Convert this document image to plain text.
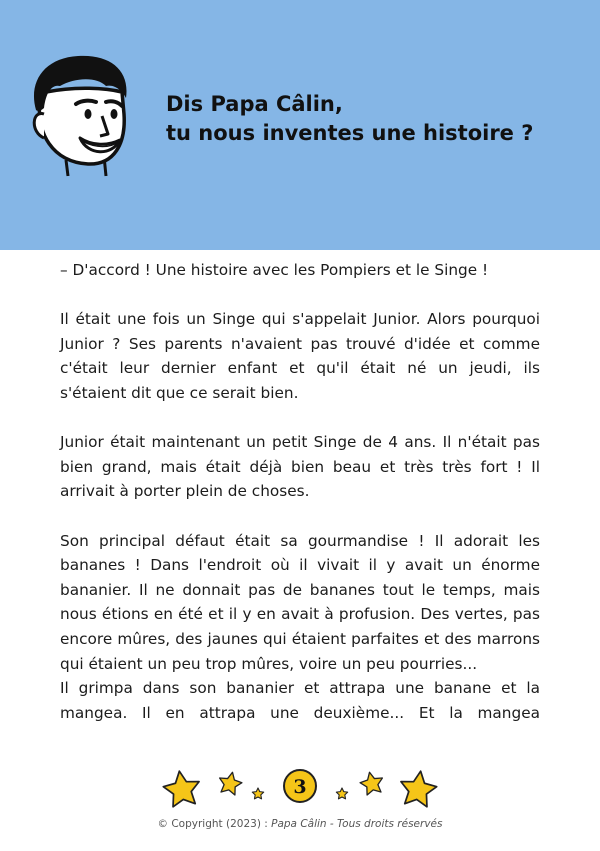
Dis Papa Câlin,
tu nous inventes une histoire ?

– D'accord ! Une histoire avec les Pompiers et le Singe !

Il était une fois un Singe qui s'appelait Junior. Alors pourquoi Junior ? Ses parents n'avaient pas trouvé d'idée et comme c'était leur dernier enfant et qu'il était né un jeudi, ils s'étaient dit que ce serait bien.

Junior était maintenant un petit Singe de 4 ans. Il n'était pas bien grand, mais était déjà bien beau et très très fort ! Il arrivait à porter plein de choses.

Son principal défaut était sa gourmandise ! Il adorait les bananes ! Dans l'endroit où il vivait il y avait un énorme bananier. Il ne donnait pas de bananes tout le temps, mais nous étions en été et il y en avait à profusion. Des vertes, pas encore mûres, des jaunes qui étaient parfaites et des marrons qui étaient un peu trop mûres, voire un peu pourries...

Il grimpa dans son bananier et attrapa une banane et la mangea. Il en attrapa une deuxième... Et la mangea

3
© Copyright (2023) : Papa Câlin - Tous droits réservés
